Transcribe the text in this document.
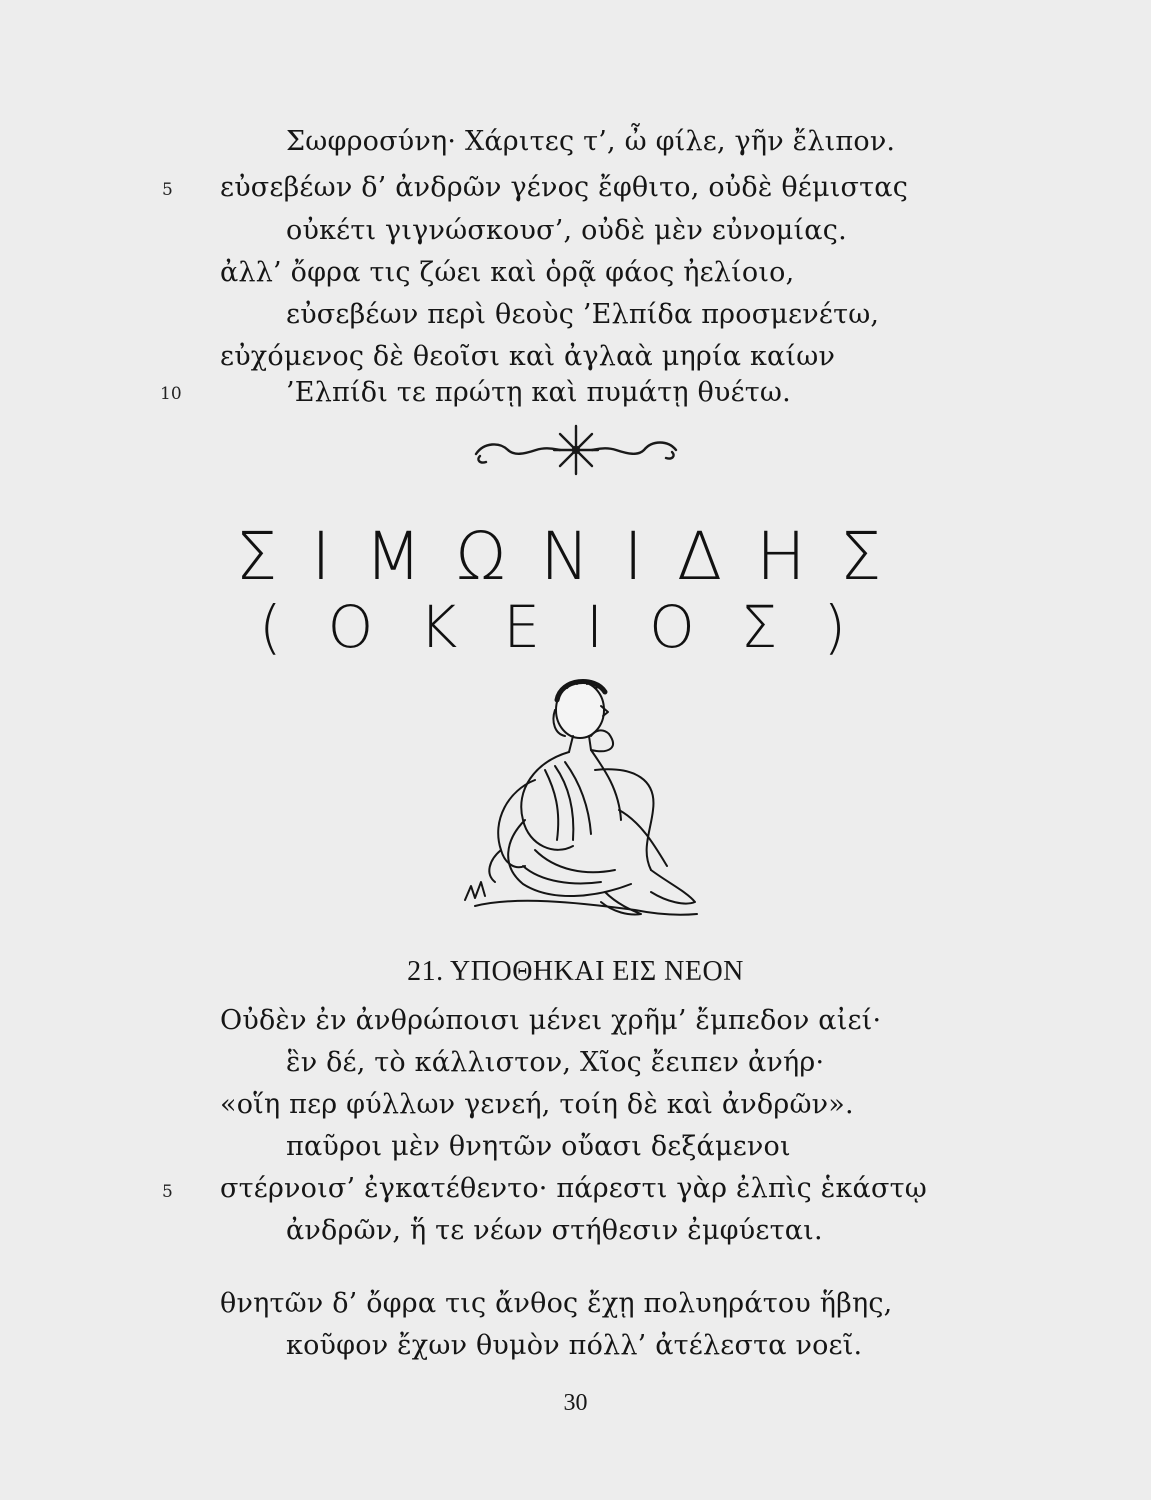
Σωφροσύνη· Χάριτες τ’, ὦ φίλε, γῆν ἔλιπον.
5 εὐσεβέων δ’ ἀνδρῶν γένος ἔφθιτο, οὐδὲ θέμιστας
οὐκέτι γιγνώσκουσ’, οὐδὲ μὲν εὐνομίας.
ἀλλ’ ὄφρα τις ζώει καὶ ὁρᾷ φάος ἠελίοιο,
εὐσεβέων περὶ θεοὺς ’Ελπίδα προσμενέτω,
εὐχόμενος δὲ θεοῖσι καὶ ἀγλαὰ μηρία καίων
10	’Ελπίδι τε πρώτῃ καὶ πυμάτῃ θυέτω.
ΣΙΜΩΝΙΔΗΣ
(ΟΚΕΙΟΣ)
21. ΥΠΟΘΗΚΑΙ ΕΙΣ ΝΕΟΝ
Οὐδὲν ἐν ἀνθρώποισι μένει χρῆμ’ ἔμπεδον αἰεί·
ἓν δέ, τὸ κάλλιστον, Χῖος ἔειπεν ἀνήρ·
«οἵη περ φύλλων γενεή, τοίη δὲ καὶ ἀνδρῶν».
παῦροι μὲν θνητῶν οὔασι δεξάμενοι
5 στέρνοισ’ ἐγκατέθεντο· πάρεστι γὰρ ἐλπὶς ἑκάστῳ
ἀνδρῶν, ἥ τε νέων στήθεσιν ἐμφύεται.
θνητῶν δ’ ὄφρα τις ἄνθος ἔχῃ πολυηράτου ἥβης,
κοῦφον ἔχων θυμὸν πόλλ’ ἀτέλεστα νοεῖ.
30
